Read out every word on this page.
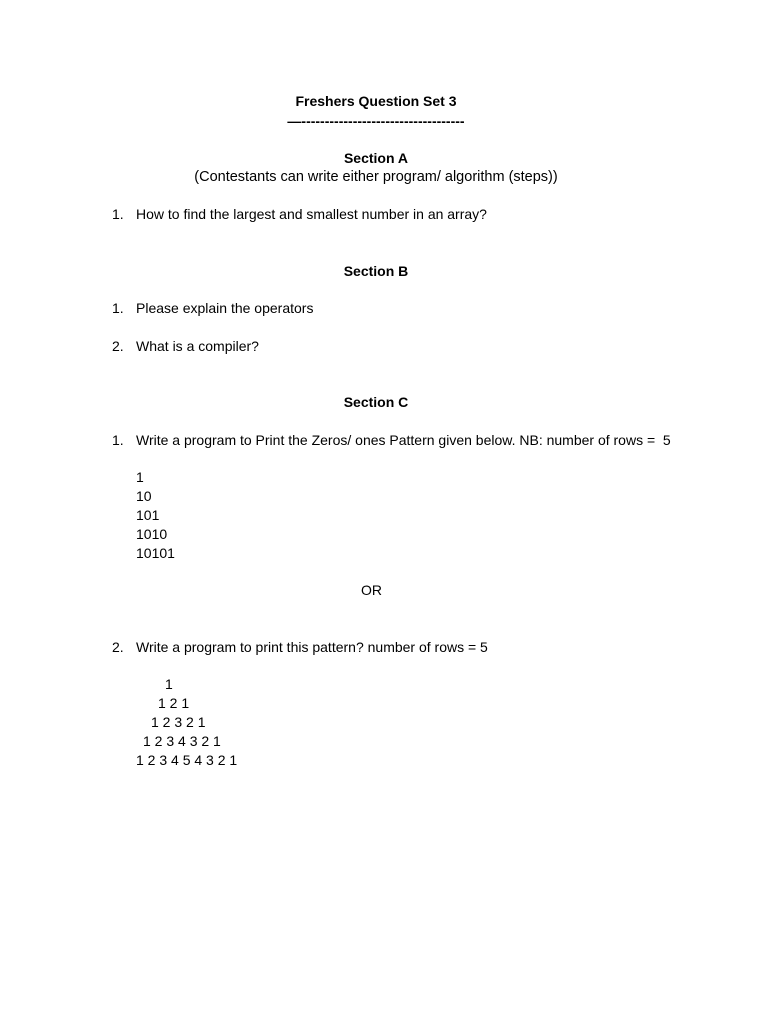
Freshers Question Set 3
—-----------------------------------
Section A
(Contestants can write either program/ algorithm (steps))
1. How to find the largest and smallest number in an array?
Section B
1. Please explain the operators
2. What is a compiler?
Section C
1. Write a program to Print the Zeros/ ones Pattern given below. NB: number of rows =  5
1
10
101
1010
10101
OR
2. Write a program to print this pattern? number of rows = 5
1
1 2 1
1 2 3 2 1
1 2 3 4 3 2 1
1 2 3 4 5 4 3 2 1
